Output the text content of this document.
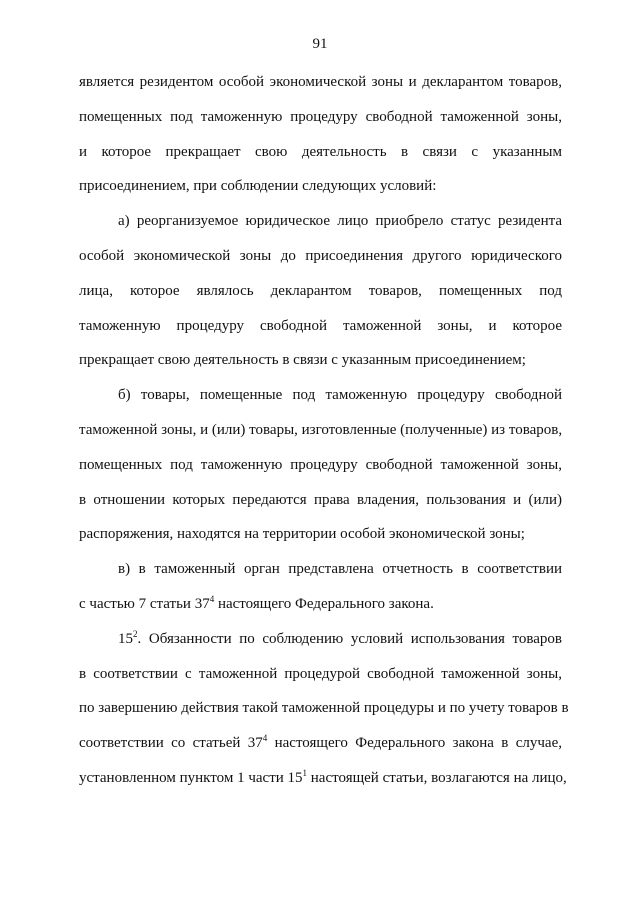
91
является резидентом особой экономической зоны и декларантом товаров,
помещенных под таможенную процедуру свободной таможенной зоны,
и которое прекращает свою деятельность в связи с указанным
присоединением, при соблюдении следующих условий:
а) реорганизуемое юридическое лицо приобрело статус резидента
особой экономической зоны до присоединения другого юридического
лица, которое являлось декларантом товаров, помещенных под
таможенную процедуру свободной таможенной зоны, и которое
прекращает свою деятельность в связи с указанным присоединением;
б) товары, помещенные под таможенную процедуру свободной
таможенной зоны, и (или) товары, изготовленные (полученные) из товаров,
помещенных под таможенную процедуру свободной таможенной зоны,
в отношении которых передаются права владения, пользования и (или)
распоряжения, находятся на территории особой экономической зоны;
в) в таможенный орган представлена отчетность в соответствии
с частью 7 статьи $37^4$ настоящего Федерального закона.
$15^2$. Обязанности по соблюдению условий использования товаров
в соответствии с таможенной процедурой свободной таможенной зоны,
по завершению действия такой таможенной процедуры и по учету товаров в
соответствии со статьей $37^4$ настоящего Федерального закона в случае,
установленном пунктом 1 части $15^1$ настоящей статьи, возлагаются на лицо,
